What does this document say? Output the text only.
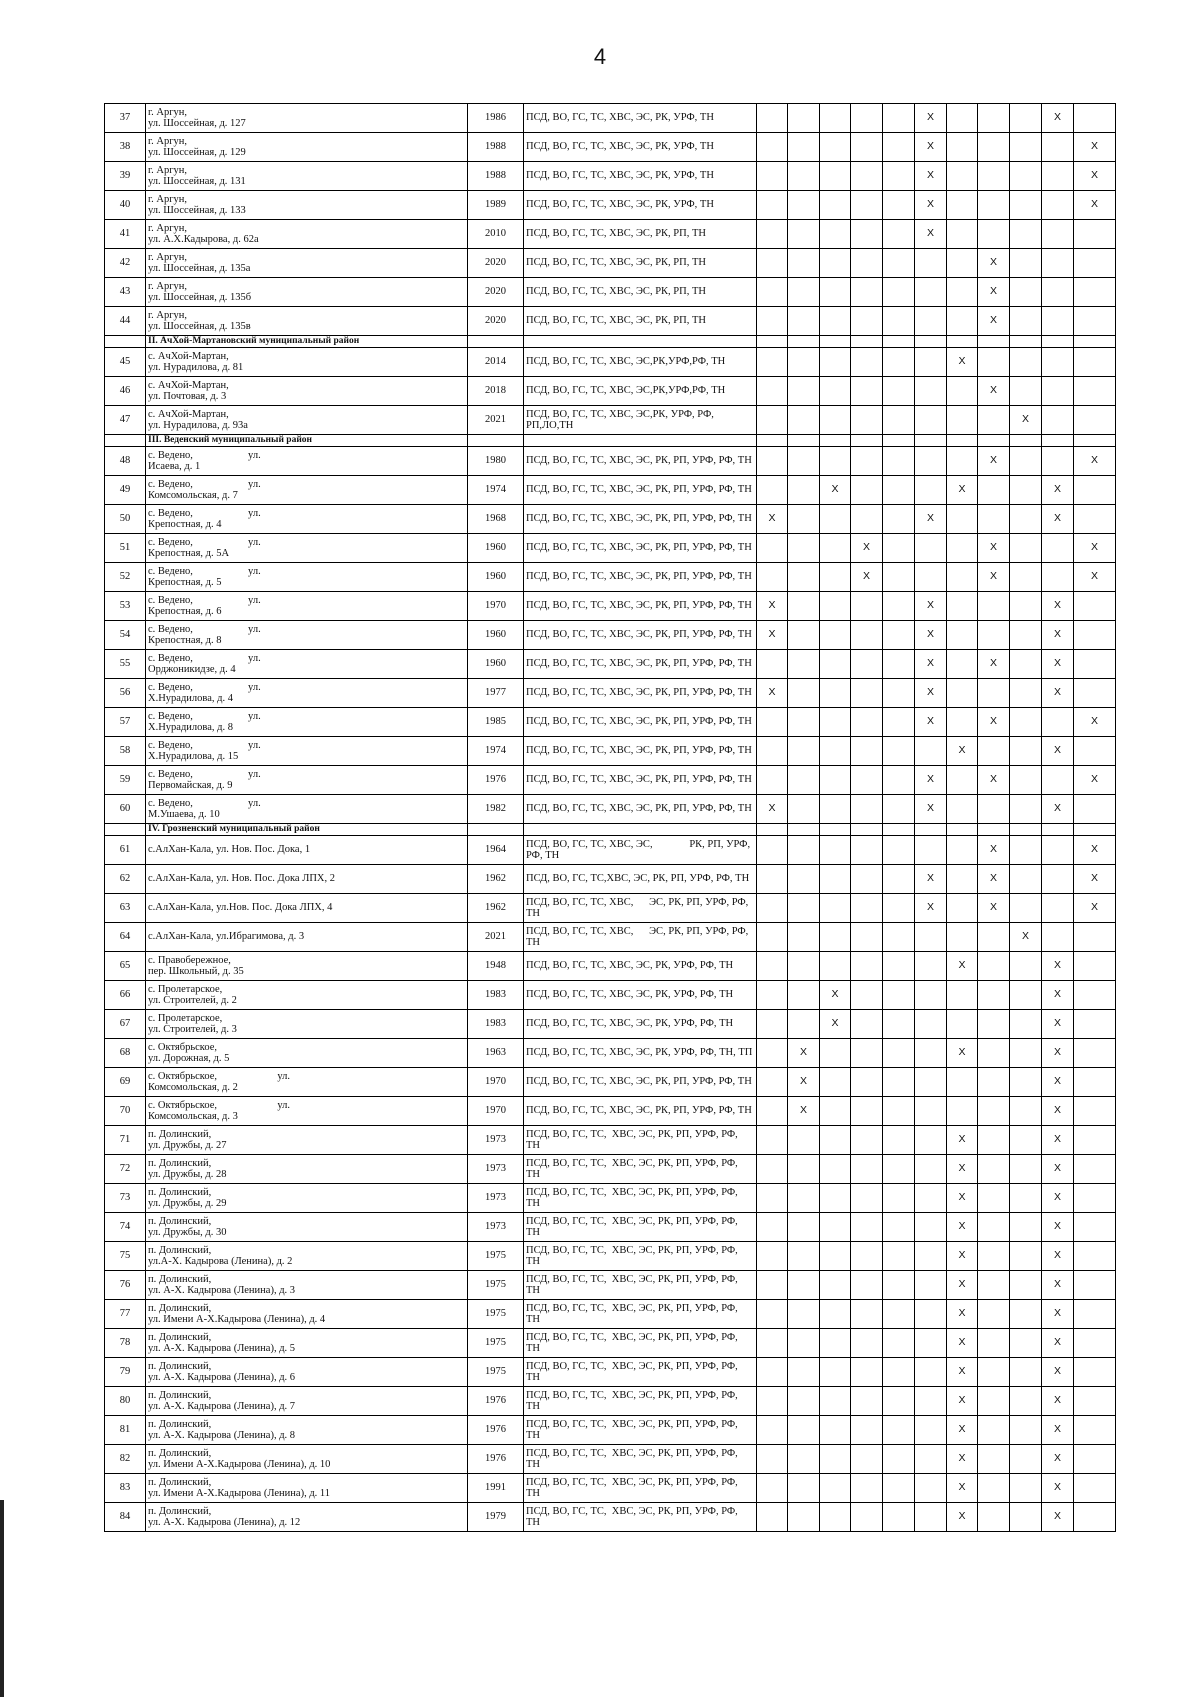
4
37	г. Аргун,
ул. Шоссейная, д. 127	1986	ПСД, ВО, ГС, ТС, ХВС, ЭС, РК, УРФ, ТН						X				X	
38	г. Аргун,
ул. Шоссейная, д. 129	1988	ПСД, ВО, ГС, ТС, ХВС, ЭС, РК, УРФ, ТН						X					X
39	г. Аргун,
ул. Шоссейная, д. 131	1988	ПСД, ВО, ГС, ТС, ХВС, ЭС, РК, УРФ, ТН						X					X
40	г. Аргун,
ул. Шоссейная, д. 133	1989	ПСД, ВО, ГС, ТС, ХВС, ЭС, РК, УРФ, ТН						X					X
41	г. Аргун,
ул. А.Х.Кадырова, д. 62а	2010	ПСД, ВО, ГС, ТС, ХВС, ЭС, РК, РП, ТН						X					
42	г. Аргун,
ул. Шоссейная, д. 135а	2020	ПСД, ВО, ГС, ТС, ХВС, ЭС, РК, РП, ТН								X			
43	г. Аргун,
ул. Шоссейная, д. 135б	2020	ПСД, ВО, ГС, ТС, ХВС, ЭС, РК, РП, ТН								X			
44	г. Аргун,
ул. Шоссейная, д. 135в	2020	ПСД, ВО, ГС, ТС, ХВС, ЭС, РК, РП, ТН								X			
	II. АчХой-Мартановский муниципальный район													
45	с. АчХой-Мартан,
ул. Нурадилова, д. 81	2014	ПСД, ВО, ГС, ТС, ХВС, ЭС,РК,УРФ,РФ, ТН							X				
46	с. АчХой-Мартан,
ул. Почтовая, д. 3	2018	ПСД, ВО, ГС, ТС, ХВС, ЭС,РК,УРФ,РФ, ТН								X			
47	с. АчХой-Мартан,
ул. Нурадилова, д. 93а	2021	ПСД, ВО, ГС, ТС, ХВС, ЭС,РК, УРФ, РФ, РП,ЛО,ТН									X		
	III. Веденский муниципальный район													
48	с. Ведено,                     ул.
Исаева, д. 1	1980	ПСД, ВО, ГС, ТС, ХВС, ЭС, РК, РП, УРФ, РФ, ТН								X			X
49	с. Ведено,                     ул.
Комсомольская, д. 7	1974	ПСД, ВО, ГС, ТС, ХВС, ЭС, РК, РП, УРФ, РФ, ТН			X				X			X	
50	с. Ведено,                     ул.
Крепостная, д. 4	1968	ПСД, ВО, ГС, ТС, ХВС, ЭС, РК, РП, УРФ, РФ, ТН	X					X				X	
51	с. Ведено,                     ул.
Крепостная, д. 5А	1960	ПСД, ВО, ГС, ТС, ХВС, ЭС, РК, РП, УРФ, РФ, ТН				X				X			X
52	с. Ведено,                     ул.
Крепостная, д. 5	1960	ПСД, ВО, ГС, ТС, ХВС, ЭС, РК, РП, УРФ, РФ, ТН				X				X			X
53	с. Ведено,                     ул.
Крепостная, д. 6	1970	ПСД, ВО, ГС, ТС, ХВС, ЭС, РК, РП, УРФ, РФ, ТН	X					X				X	
54	с. Ведено,                     ул.
Крепостная, д. 8	1960	ПСД, ВО, ГС, ТС, ХВС, ЭС, РК, РП, УРФ, РФ, ТН	X					X				X	
55	с. Ведено,                     ул.
Орджоникидзе, д. 4	1960	ПСД, ВО, ГС, ТС, ХВС, ЭС, РК, РП, УРФ, РФ, ТН						X		X		X	
56	с. Ведено,                     ул.
Х.Нурадилова, д. 4	1977	ПСД, ВО, ГС, ТС, ХВС, ЭС, РК, РП, УРФ, РФ, ТН	X					X				X	
57	с. Ведено,                     ул.
Х.Нурадилова, д. 8	1985	ПСД, ВО, ГС, ТС, ХВС, ЭС, РК, РП, УРФ, РФ, ТН						X		X			X
58	с. Ведено,                     ул.
Х.Нурадилова, д. 15	1974	ПСД, ВО, ГС, ТС, ХВС, ЭС, РК, РП, УРФ, РФ, ТН							X			X	
59	с. Ведено,                     ул.
Первомайская, д. 9	1976	ПСД, ВО, ГС, ТС, ХВС, ЭС, РК, РП, УРФ, РФ, ТН						X		X			X
60	с. Ведено,                     ул.
М.Ушаева, д. 10	1982	ПСД, ВО, ГС, ТС, ХВС, ЭС, РК, РП, УРФ, РФ, ТН	X					X				X	
	IV. Грозненский муниципальный район													
61	с.АлХан-Кала, ул. Нов. Пос. Дока, 1	1964	ПСД, ВО, ГС, ТС, ХВС, ЭС,              РК, РП, УРФ, РФ, ТН								X			X
62	с.АлХан-Кала, ул. Нов. Пос. Дока ЛПХ, 2	1962	ПСД, ВО, ГС, ТС,ХВС, ЭС, РК, РП, УРФ, РФ, ТН						X		X			X
63	с.АлХан-Кала, ул.Нов. Пос. Дока ЛПХ, 4	1962	ПСД, ВО, ГС, ТС, ХВС,      ЭС, РК, РП, УРФ, РФ, ТН						X		X			X
64	с.АлХан-Кала, ул.Ибрагимова, д. 3	2021	ПСД, ВО, ГС, ТС, ХВС,      ЭС, РК, РП, УРФ, РФ, ТН									X		
65	с. Правобережное,
пер. Школьный, д. 35	1948	ПСД, ВО, ГС, ТС, ХВС, ЭС, РК, УРФ, РФ, ТН							X			X	
66	с. Пролетарское,
ул. Строителей, д. 2	1983	ПСД, ВО, ГС, ТС, ХВС, ЭС, РК, УРФ, РФ, ТН			X							X	
67	с. Пролетарское,
ул. Строителей, д. 3	1983	ПСД, ВО, ГС, ТС, ХВС, ЭС, РК, УРФ, РФ, ТН			X							X	
68	с. Октябрьское,
ул. Дорожная, д. 5	1963	ПСД, ВО, ГС, ТС, ХВС, ЭС, РК, УРФ, РФ, ТН, ТП		X					X			X	
69	с. Октябрьское,                       ул.
Комсомольская, д. 2	1970	ПСД, ВО, ГС, ТС, ХВС, ЭС, РК, РП, УРФ, РФ, ТН		X								X	
70	с. Октябрьское,                       ул.
Комсомольская, д. 3	1970	ПСД, ВО, ГС, ТС, ХВС, ЭС, РК, РП, УРФ, РФ, ТН		X								X	
71	п. Долинский,
ул. Дружбы, д. 27	1973	ПСД, ВО, ГС, ТС,  ХВС, ЭС, РК, РП, УРФ, РФ, ТН							X			X	
72	п. Долинский,
ул. Дружбы, д. 28	1973	ПСД, ВО, ГС, ТС,  ХВС, ЭС, РК, РП, УРФ, РФ, ТН							X			X	
73	п. Долинский,
ул. Дружбы, д. 29	1973	ПСД, ВО, ГС, ТС,  ХВС, ЭС, РК, РП, УРФ, РФ, ТН							X			X	
74	п. Долинский,
ул. Дружбы, д. 30	1973	ПСД, ВО, ГС, ТС,  ХВС, ЭС, РК, РП, УРФ, РФ, ТН							X			X	
75	п. Долинский,
ул.А-Х. Кадырова (Ленина), д. 2	1975	ПСД, ВО, ГС, ТС,  ХВС, ЭС, РК, РП, УРФ, РФ, ТН							X			X	
76	п. Долинский,
ул. А-Х. Кадырова (Ленина), д. 3	1975	ПСД, ВО, ГС, ТС,  ХВС, ЭС, РК, РП, УРФ, РФ, ТН							X			X	
77	п. Долинский,
ул. Имени А-Х.Кадырова (Ленина), д. 4	1975	ПСД, ВО, ГС, ТС,  ХВС, ЭС, РК, РП, УРФ, РФ, ТН							X			X	
78	п. Долинский,
ул. А-Х. Кадырова (Ленина), д. 5	1975	ПСД, ВО, ГС, ТС,  ХВС, ЭС, РК, РП, УРФ, РФ, ТН							X			X	
79	п. Долинский,
ул. А-Х. Кадырова (Ленина), д. 6	1975	ПСД, ВО, ГС, ТС,  ХВС, ЭС, РК, РП, УРФ, РФ, ТН							X			X	
80	п. Долинский,
ул. А-Х. Кадырова (Ленина), д. 7	1976	ПСД, ВО, ГС, ТС,  ХВС, ЭС, РК, РП, УРФ, РФ, ТН							X			X	
81	п. Долинский,
ул. А-Х. Кадырова (Ленина), д. 8	1976	ПСД, ВО, ГС, ТС,  ХВС, ЭС, РК, РП, УРФ, РФ, ТН							X			X	
82	п. Долинский,
ул. Имени А-Х.Кадырова (Ленина), д. 10	1976	ПСД, ВО, ГС, ТС,  ХВС, ЭС, РК, РП, УРФ, РФ, ТН							X			X	
83	п. Долинский,
ул. Имени А-Х.Кадырова (Ленина), д. 11	1991	ПСД, ВО, ГС, ТС,  ХВС, ЭС, РК, РП, УРФ, РФ, ТН							X			X	
84	п. Долинский,
ул. А-Х. Кадырова (Ленина), д. 12	1979	ПСД, ВО, ГС, ТС,  ХВС, ЭС, РК, РП, УРФ, РФ, ТН							X			X	
